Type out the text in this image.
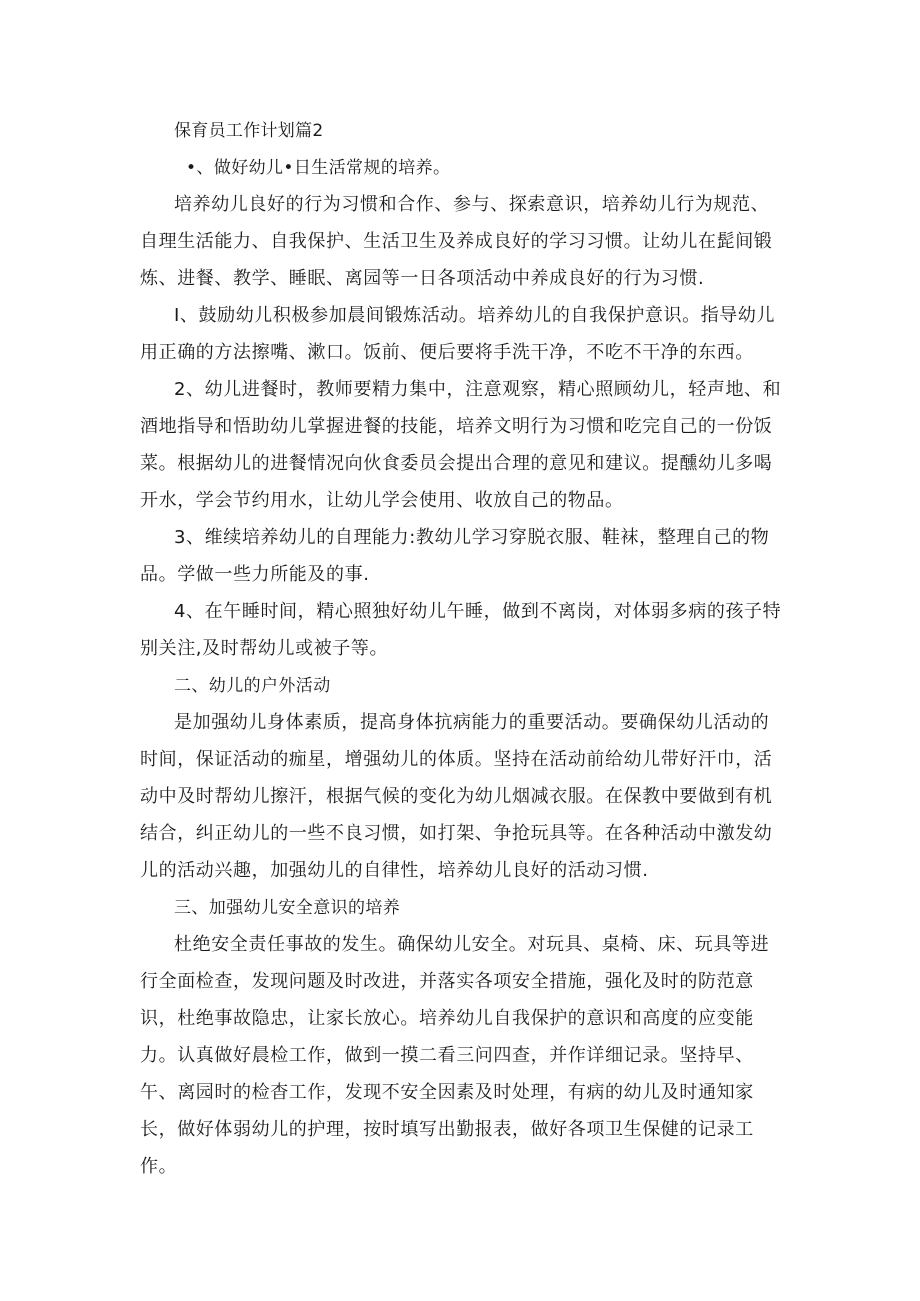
保育员工作计划篇2
•、做好幼儿•日生活常规的培养。
培养幼儿良好的行为习惯和合作、参与、探索意识，培养幼儿行为规范、
自理生活能力、自我保护、生活卫生及养成良好的学习习惯。让幼儿在髭间锻
炼、进餐、教学、睡眠、离园等一日各项活动中养成良好的行为习惯.
I、鼓励幼儿积极参加晨间锻炼活动。培养幼儿的自我保护意识。指导幼儿
用正确的方法擦嘴、漱口。饭前、便后要将手洗干净，不吃不干净的东西。
2、幼儿进餐时，教师要精力集中，注意观察，精心照顾幼儿，轻声地、和
酒地指导和悟助幼儿掌握进餐的技能，培养文明行为习惯和吃完自己的一份饭
菜。根据幼儿的进餐情况向伙食委员会提出合理的意见和建议。提醺幼儿多喝
开水，学会节约用水，让幼儿学会使用、收放自己的物品。
3、维续培养幼儿的自理能力:教幼儿学习穿脱衣服、鞋袜，整理自己的物
品。学做一些力所能及的事.
4、在午睡时间，精心照独好幼儿午睡，做到不离岗，对体弱多病的孩子特
别关注,及时帮幼儿或被子等。
二、幼儿的户外活动
是加强幼儿身体素质，提高身体抗病能力的重要活动。要确保幼儿活动的
时间，保证活动的痂星，增强幼儿的体质。坚持在活动前给幼儿带好汗巾，活
动中及时帮幼儿擦汗，根据气候的变化为幼儿烟减衣服。在保教中要做到有机
结合，纠正幼儿的一些不良习惯，如打架、争抢玩具等。在各种活动中激发幼
儿的活动兴趣，加强幼儿的自律性，培养幼儿良好的活动习惯.
三、加强幼儿安全意识的培养
杜绝安全责任事故的发生。确保幼儿安全。对玩具、桌椅、床、玩具等进
行全面检查，发现问题及时改进，并落实各项安全措施，强化及时的防范意
识，杜绝事故隐忠，让家长放心。培养幼儿自我保护的意识和高度的应变能
力。认真做好晨检工作，做到一摸二看三问四查，并作详细记录。坚持早、
午、离园时的检杳工作，发现不安全因素及时处理，有病的幼儿及时通知家
长，做好体弱幼儿的护理，按时填写出勤报表，做好各项卫生保健的记录工
作。
